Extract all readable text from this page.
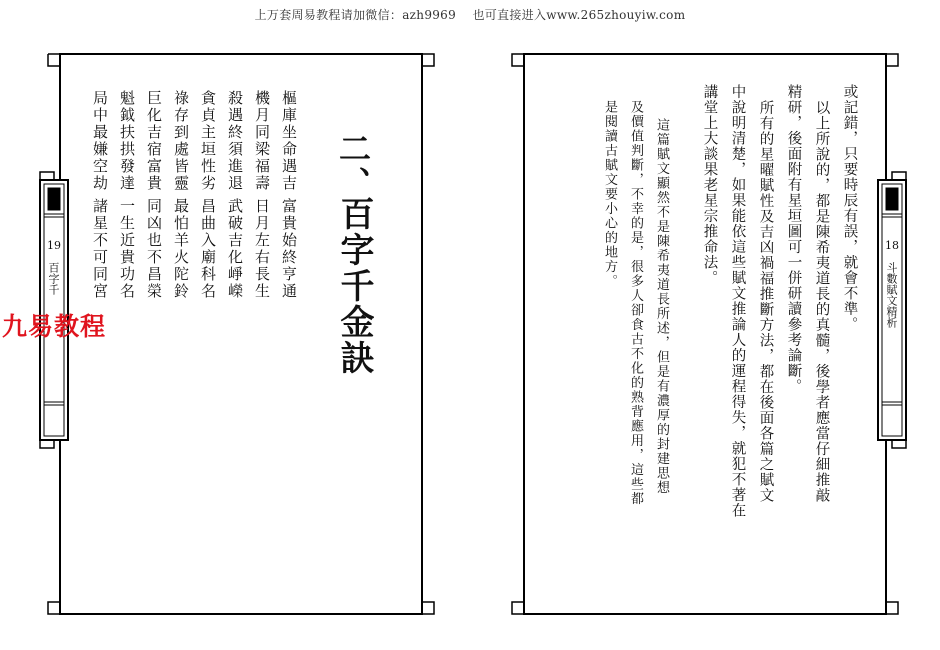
上万套周易教程请加微信：azh9969　 也可直接进入www.265zhouyiw.com
19
百字千
二、
百字千金訣
樞庫坐命遇吉
富貴始終亨通
機月同梁福壽
日月左右長生
殺遇終須進退
武破吉化崢嶸
貪貞主垣性劣
昌曲入廟科名
祿存到處皆靈
最怕羊火陀鈴
巨化吉宿富貴
同凶也不昌榮
魁鉞扶拱發達
一生近貴功名
局中最嫌空劫
諸星不可同宮	18
斗數賦文精析
或記錯，只要時辰有誤，就會不準。
以上所說的，都是陳希夷道長的真髓，後學者應當仔細推敲
精研，後面附有星垣圖可一併研讀參考論斷。
所有的星曜賦性及吉凶禍福推斷方法，都在後面各篇之賦文
中說明清楚，如果能依這些賦文推論人的運程得失，就犯不著在
講堂上大談果老星宗推命法。
這篇賦文顯然不是陳希夷道長所述，但是有濃厚的封建思想
及價值判斷，不幸的是，很多人卻食古不化的熟背應用，這些都
是閱讀古賦文要小心的地方。
九易教程
